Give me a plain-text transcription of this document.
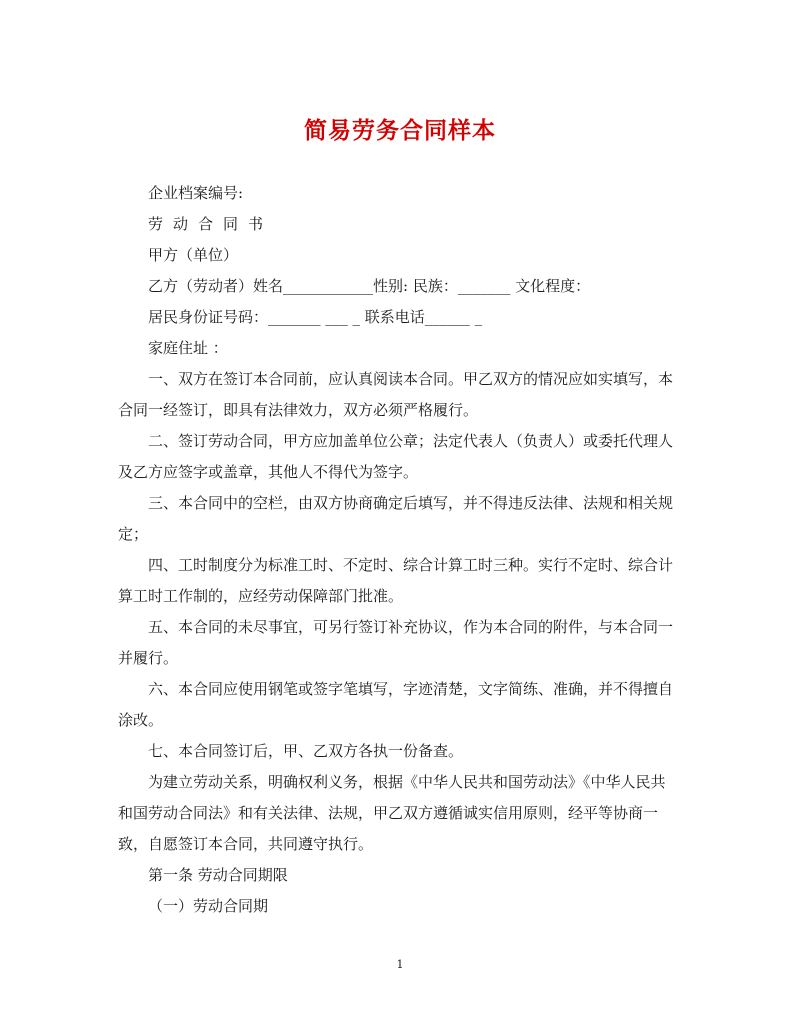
简易劳务合同样本

企业档案编号:

劳动合同书

甲方（单位）

乙方（劳动者）姓名____________性别: 民族：_______ 文化程度：

居民身份证号码：_______ ___ _ 联系电话______ _

家庭住址 ：

一、双方在签订本合同前，应认真阅读本合同。甲乙双方的情况应如实填写，本合同一经签订，即具有法律效力，双方必须严格履行。

二、签订劳动合同，甲方应加盖单位公章；法定代表人（负责人）或委托代理人及乙方应签字或盖章，其他人不得代为签字。

三、本合同中的空栏，由双方协商确定后填写，并不得违反法律、法规和相关规定；

四、工时制度分为标准工时、不定时、综合计算工时三种。实行不定时、综合计算工时工作制的，应经劳动保障部门批准。

五、本合同的未尽事宜，可另行签订补充协议，作为本合同的附件，与本合同一并履行。

六、本合同应使用钢笔或签字笔填写，字迹清楚，文字简练、准确，并不得擅自涂改。

七、本合同签订后，甲、乙双方各执一份备查。

为建立劳动关系，明确权利义务，根据《中华人民共和国劳动法》《中华人民共和国劳动合同法》和有关法律、法规，甲乙双方遵循诚实信用原则，经平等协商一致，自愿签订本合同，共同遵守执行。

第一条 劳动合同期限

（一）劳动合同期

1
